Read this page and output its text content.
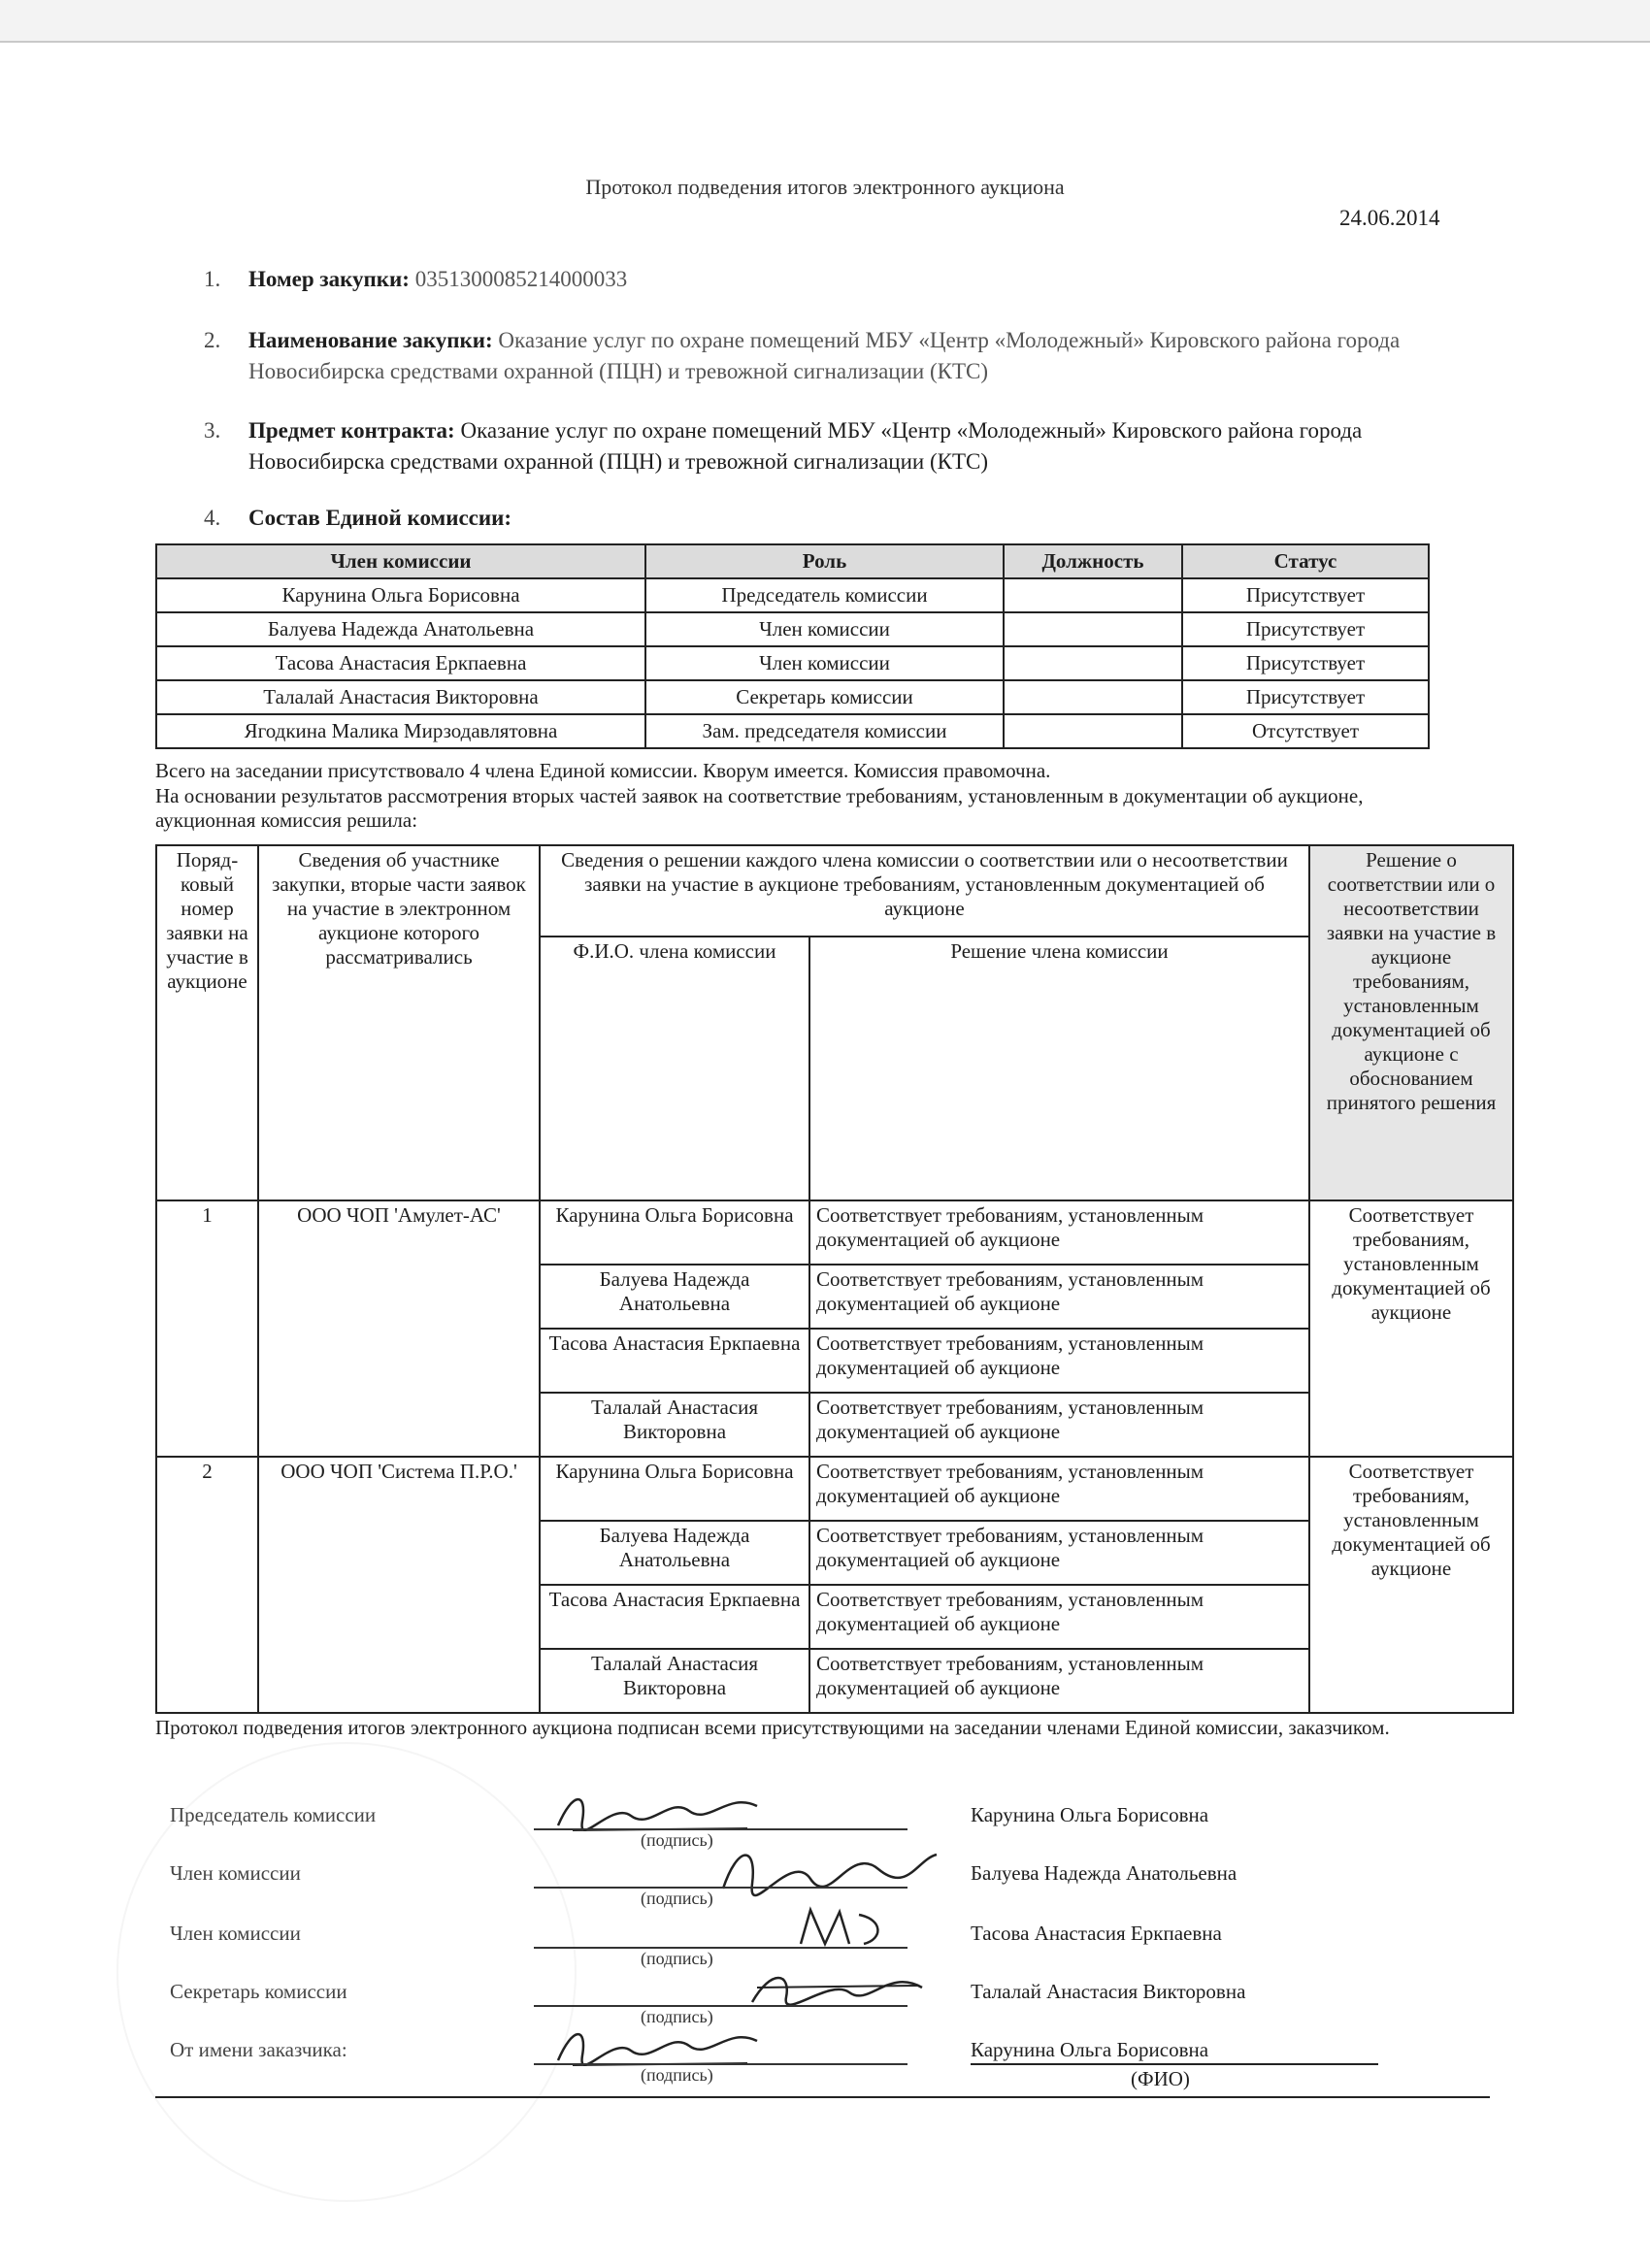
Протокол подведения итогов электронного аукциона
24.06.2014
1.	Номер закупки: 0351300085214000033
2.	Наименование закупки: Оказание услуг по охране помещений МБУ «Центр «Молодежный» Кировского района города Новосибирска средствами охранной (ПЦН) и тревожной сигнализации (КТС)
3.	Предмет контракта: Оказание услуг по охране помещений МБУ «Центр «Молодежный» Кировского района города Новосибирска средствами охранной (ПЦН) и тревожной сигнализации (КТС)
4.	Состав Единой комиссии:
Член комиссии	Роль	Должность	Статус
Карунина Ольга Борисовна	Председатель комиссии		Присутствует
Балуева Надежда Анатольевна	Член комиссии		Присутствует
Тасова Анастасия Еркпаевна	Член комиссии		Присутствует
Талалай Анастасия Викторовна	Секретарь комиссии		Присутствует
Ягодкина Малика Мирзодавлятовна	Зам. председателя комиссии		Отсутствует
Всего на заседании присутствовало 4 члена Единой комиссии. Кворум имеется. Комиссия правомочна.
На основании результатов рассмотрения вторых частей заявок на соответствие требованиям, установленным в документации об аукционе, аукционная комиссия решила:
Поряд-ковый номер заявки на участие в аукционе	Сведения об участнике закупки, вторые части заявок на участие в электронном аукционе которого рассматривались	Сведения о решении каждого члена комиссии о соответствии или о несоответствии заявки на участие в аукционе требованиям, установленным документацией об аукционе		Решение о соответствии или о несоответствии заявки на участие в аукционе требованиям, установленным документацией об аукционе с обоснованием принятого решения
		Ф.И.О. члена комиссии	Решение члена комиссии	
1	ООО ЧОП 'Амулет-АС'	Карунина Ольга Борисовна	Соответствует требованиям, установленным документацией об аукционе	Соответствует требованиям, установленным документацией об аукционе
		Балуева Надежда Анатольевна	Соответствует требованиям, установленным документацией об аукционе	
		Тасова Анастасия Еркпаевна	Соответствует требованиям, установленным документацией об аукционе	
		Талалай Анастасия Викторовна	Соответствует требованиям, установленным документацией об аукционе	
2	ООО ЧОП 'Система П.Р.О.'	Карунина Ольга Борисовна	Соответствует требованиям, установленным документацией об аукционе	Соответствует требованиям, установленным документацией об аукционе
		Балуева Надежда Анатольевна	Соответствует требованиям, установленным документацией об аукционе	
		Тасова Анастасия Еркпаевна	Соответствует требованиям, установленным документацией об аукционе	
		Талалай Анастасия Викторовна	Соответствует требованиям, установленным документацией об аукционе	
Протокол подведения итогов электронного аукциона подписан всеми присутствующими на заседании членами Единой комиссии, заказчиком.
Председатель комиссии
(подпись)
Карунина Ольга Борисовна
Член комиссии
(подпись)
Балуева Надежда Анатольевна
Член комиссии
(подпись)
Тасова Анастасия Еркпаевна
Секретарь комиссии
(подпись)
Талалай Анастасия Викторовна
От имени заказчика:
(подпись)
Карунина Ольга Борисовна
(ФИО)
